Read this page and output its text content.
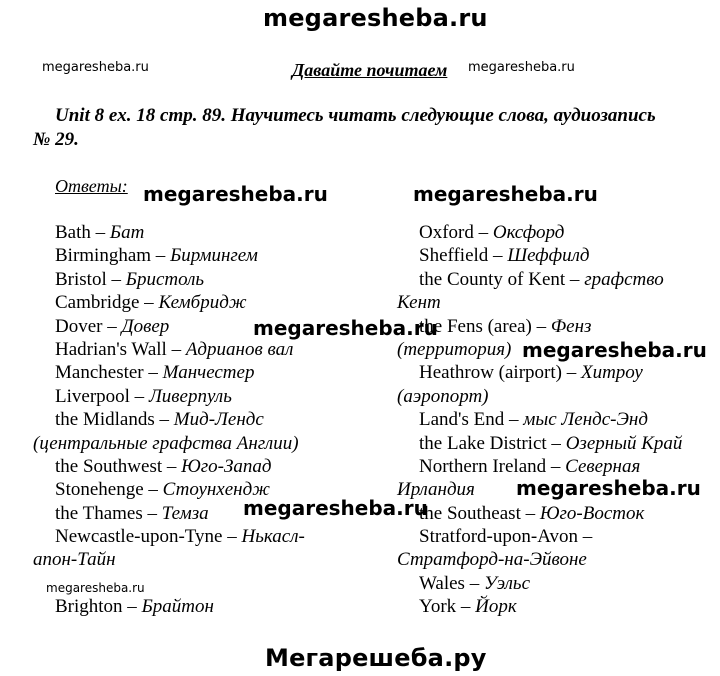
megaresheba.ru
megaresheba.ru	Давайте почитаем megaresheba.ru
Unit 8 ex. 18 стр. 89. Научитесь читать следующие слова, аудиозапись
№ 29.
Ответы: megaresheba.ru	megaresheba.ru
Bath – Бат
Birmingham – Бирмингем
Bristol – Бристоль
Cambridge – Кембридж
Dover – Довер
Hadrian's Wall – Адрианов вал
Manchester – Манчестер
Liverpool – Ливерпуль
the Midlands – Мид-Лендс
(центральные графства Англии)
the Southwest – Юго-Запад
Stonehenge – Стоунхендж
the Thames – Темза
Newcastle-upon-Tyne – Нькасл-
апон-Тайн
Brighton – Брайтон
Oxford – Оксфорд
Sheffield – Шеффилд
the County of Kent – графство
Кент
the Fens (area) – Фенз
(территория)
Heathrow (airport) – Хитроу
(аэропорт)
Land's End – мыс Лендс-Энд
the Lake District – Озерный Край
Northern Ireland – Северная
Ирландия
the Southeast – Юго-Восток
Stratford-upon-Avon –
Стратфорд-на-Эйвоне
Wales – Уэльс
York – Йорк
megaresheba.ru
megaresheba.ru
megaresheba.ru
megaresheba.ru
megaresheba.ru
Мегарешеба.ру
